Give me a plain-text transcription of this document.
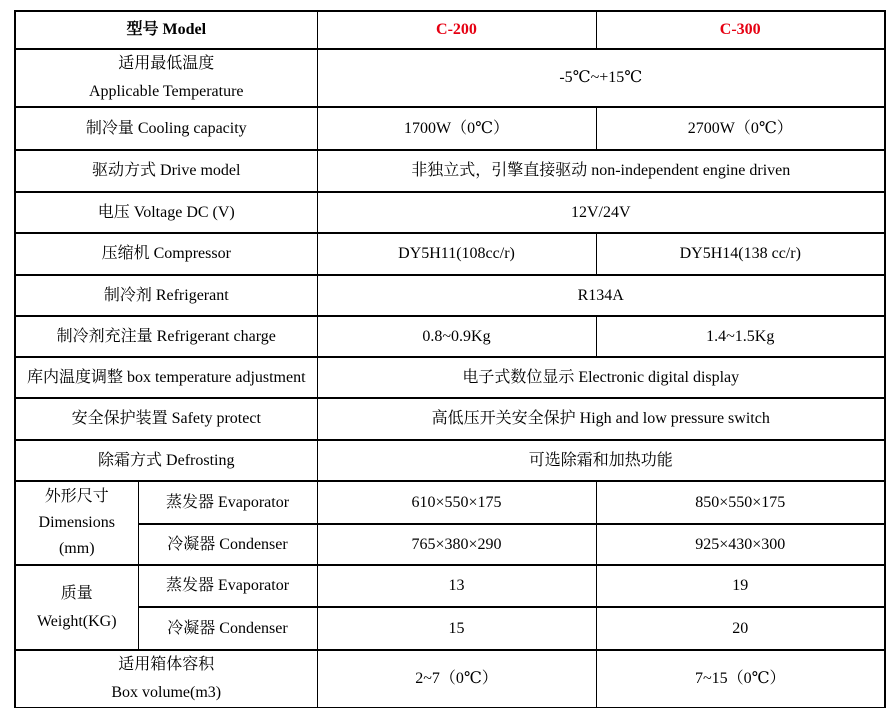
型号 Model		C-200	C-300

适用最低温度
Applicable Temperature		-5℃~+15℃	
制冷量 Cooling capacity		1700W（0℃）	2700W（0℃）
驱动方式 Drive model		非独立式，引擎直接驱动 non-independent engine driven	
电压 Voltage DC (V)		12V/24V	
压缩机 Compressor		DY5H11(108cc/r)	DY5H14(138 cc/r)
制冷剂 Refrigerant		R134A	
制冷剂充注量 Refrigerant charge		0.8~0.9Kg	1.4~1.5Kg
库内温度调整 box temperature adjustment		电子式数位显示 Electronic digital display	
安全保护装置 Safety protect		高低压开关安全保护 High and low pressure switch	
除霜方式 Defrosting		可选除霜和加热功能	

外形尺寸
Dimensions
(mm)	蒸发器 Evaporator	610×550×175	850×550×175
	冷凝器 Condenser	765×380×290	925×430×300

质量
Weight(KG)	蒸发器 Evaporator	13	19
	冷凝器 Condenser	15	20

适用箱体容积
Box volume(m3)		2~7（0℃）	7~15（0℃）
